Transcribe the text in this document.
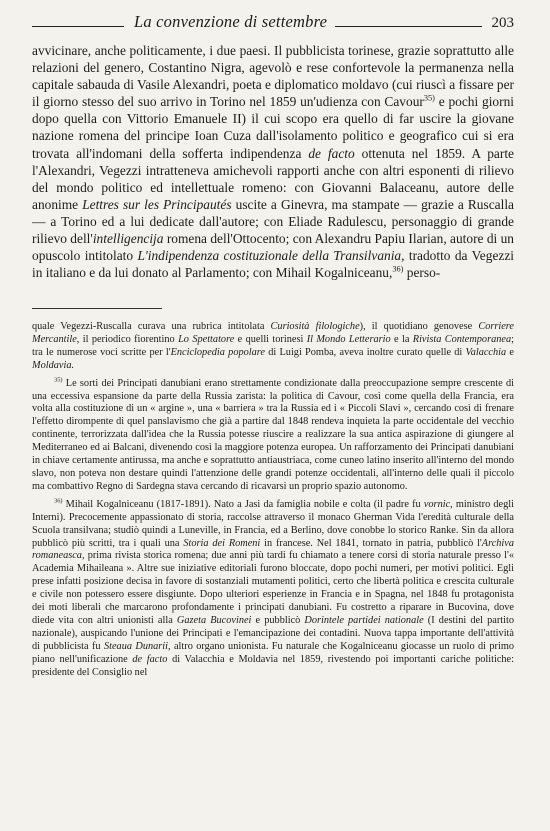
La convenzione di settembre	203

avvicinare, anche politicamente, i due paesi. Il pubblicista torinese, grazie soprattutto alle relazioni del genero, Costantino Nigra, agevolò e rese confortevole la permanenza nella capitale sabauda di Vasile Alexandri, poeta e diplomatico moldavo (cui riuscì a fissare per il giorno stesso del suo arrivo in Torino nel 1859 un'udienza con Cavour$^{35)}$ e pochi giorni dopo quella con Vittorio Emanuele II) il cui scopo era quello di far uscire la giovane nazione romena del principe Ioan Cuza dall'isolamento politico e geografico cui si era trovata all'indomani della sofferta indipendenza de facto ottenuta nel 1859. A parte l'Alexandri, Vegezzi intratteneva amichevoli rapporti anche con altri esponenti di rilievo del mondo politico ed intellettuale romeno: con Giovanni Balaceanu, autore delle anonime Lettres sur les Principautés uscite a Ginevra, ma stampate — grazie a Ruscalla — a Torino ed a lui dedicate dall'autore; con Eliade Radulescu, personaggio di grande rilievo dell'intelligencija romena dell'Ottocento; con Alexandru Papiu Ilarian, autore di un opuscolo intitolato L'indipendenza costituzionale della Transilvania, tradotto da Vegezzi in italiano e da lui donato al Parlamento; con Mihail Kogalniceanu,$^{36)}$ perso-

quale Vegezzi-Ruscalla curava una rubrica intitolata Curiosità filologiche), il quotidiano genovese Corriere Mercantile, il periodico fiorentino Lo Spettatore e quelli torinesi Il Mondo Letterario e la Rivista Contemporanea; tra le numerose voci scritte per l'Enciclopedia popolare di Luigi Pomba, aveva inoltre curato quelle di Valacchia e Moldavia.

$^{35)}$ Le sorti dei Principati danubiani erano strettamente condizionate dalla preoccupazione sempre crescente di una eccessiva espansione da parte della Russia zarista: la politica di Cavour, così come quella della Francia, era volta alla costituzione di un « argine », una « barriera » tra la Russia ed i « Piccoli Slavi », cercando così di frenare l'effetto dirompente di quel panslavismo che già a partire dal 1848 rendeva inquieta la parte occidentale del vecchio continente, terrorizzata dall'idea che la Russia potesse riuscire a realizzare la sua antica aspirazione di giungere al Mediterraneo ed ai Balcani, divenendo così la maggiore potenza europea. Un rafforzamento dei Principati danubiani in chiave certamente antirussa, ma anche e soprattutto antiaustriaca, come cuneo latino inserito all'interno del mondo slavo, non poteva non destare quindi l'attenzione delle grandi potenze occidentali, all'interno delle quali il piccolo ma combattivo Regno di Sardegna stava cercando di ricavarsi un proprio spazio autonomo.

$^{36)}$ Mihail Kogalniceanu (1817-1891). Nato a Jasi da famiglia nobile e colta (il padre fu vornic, ministro degli Interni). Precocemente appassionato di storia, raccolse attraverso il monaco Gherman Vida l'eredità culturale della Scuola transilvana; studiò quindi a Luneville, in Francia, ed a Berlino, dove conobbe lo storico Ranke. Sin da allora pubblicò più scritti, tra i quali una Storia dei Romeni in francese. Nel 1841, tornato in patria, pubblicò l'Archiva romaneasca, prima rivista storica romena; due anni più tardi fu chiamato a tenere corsi di storia naturale presso l'« Academia Mihaileana ». Altre sue iniziative editoriali furono bloccate, dopo pochi numeri, per motivi politici. Egli prese infatti posizione decisa in favore di sostanziali mutamenti politici, certo che libertà politica e crescita culturale e civile non potessero essere disgiunte. Dopo ulteriori esperienze in Francia e in Spagna, nel 1848 fu protagonista dei moti liberali che marcarono profondamente i principati danubiani. Fu costretto a riparare in Bucovina, dove diede vita con altri unionisti alla Gazeta Bucovinei e pubblicò Dorintele partidei nationale (I destini del partito nazionale), auspicando l'unione dei Principati e l'emancipazione dei contadini. Nuova tappa importante dell'attività di pubblicista fu Steaua Dunarii, altro organo unionista. Fu naturale che Kogalniceanu giocasse un ruolo di primo piano nell'unificazione de facto di Valacchia e Moldavia nel 1859, rivestendo poi importanti cariche politiche: presidente del Consiglio nel
